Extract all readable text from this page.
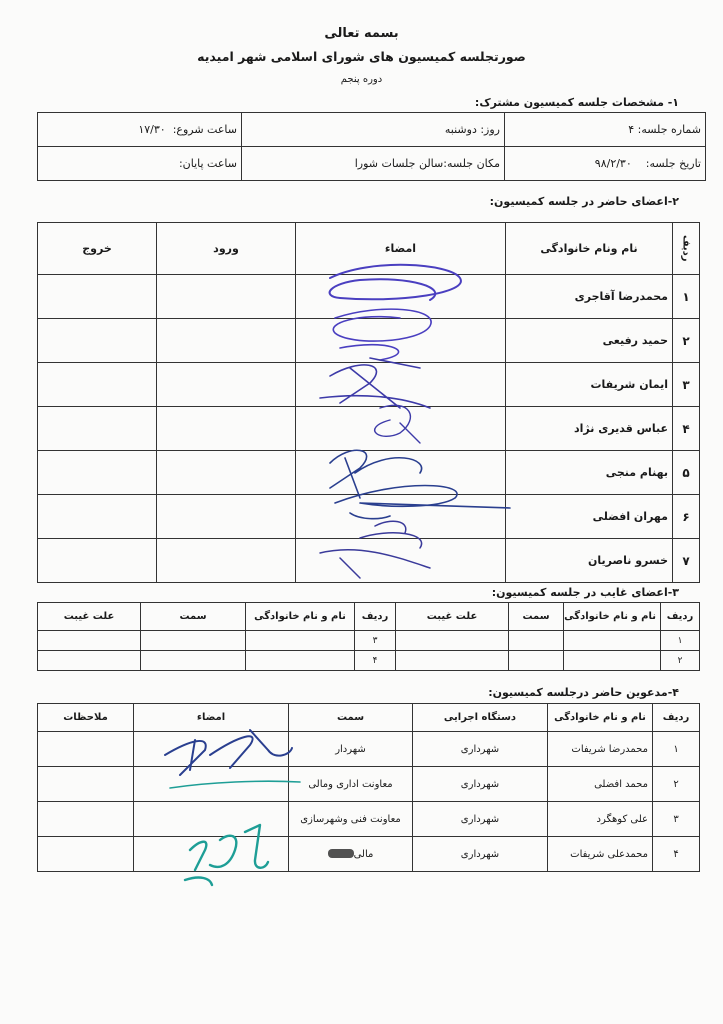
بسمه تعالی
صورتجلسه کمیسیون های شورای اسلامی شهر امیدیه
دوره پنجم
۱- مشخصات جلسه کمیسیون مشترک:
شماره جلسه: ۴	روز: دوشنبه	ساعت شروع:  ۱۷/۳۰
تاریخ جلسه:    ۹۸/۲/۳۰	مکان جلسه:سالن جلسات شورا	ساعت پایان:
۲-اعضای حاضر در جلسه کمیسیون:
ردیف	نام ونام خانوادگی	امضاء	ورود	خروج
۱	محمدرضا آقاجری			
۲	حمید رفیعی			
۳	ایمان شریفات			
۴	عباس قدیری نژاد			
۵	بهنام منجی			
۶	مهران افضلی			
۷	خسرو ناصریان			
۳-اعضای غایب در جلسه کمیسیون:
ردیف	نام و نام خانوادگی	سمت	علت غیبت	ردیف	نام و نام خانوادگی	سمت	علت غیبت
۱				۳			
۲				۴			
۴-مدعوین حاضر درجلسه کمیسیون:
ردیف	نام و نام خانوادگی	دستگاه اجرایی	سمت	امضاء	ملاحظات
۱	محمدرضا شریفات	شهرداری	شهردار		
۲	محمد افضلی	شهرداری	معاونت اداری ومالی		
۳	علی کوهگرد	شهرداری	معاونت فنی وشهرسازی		
۴	محمدعلی شریفات	شهرداری	مالی		
